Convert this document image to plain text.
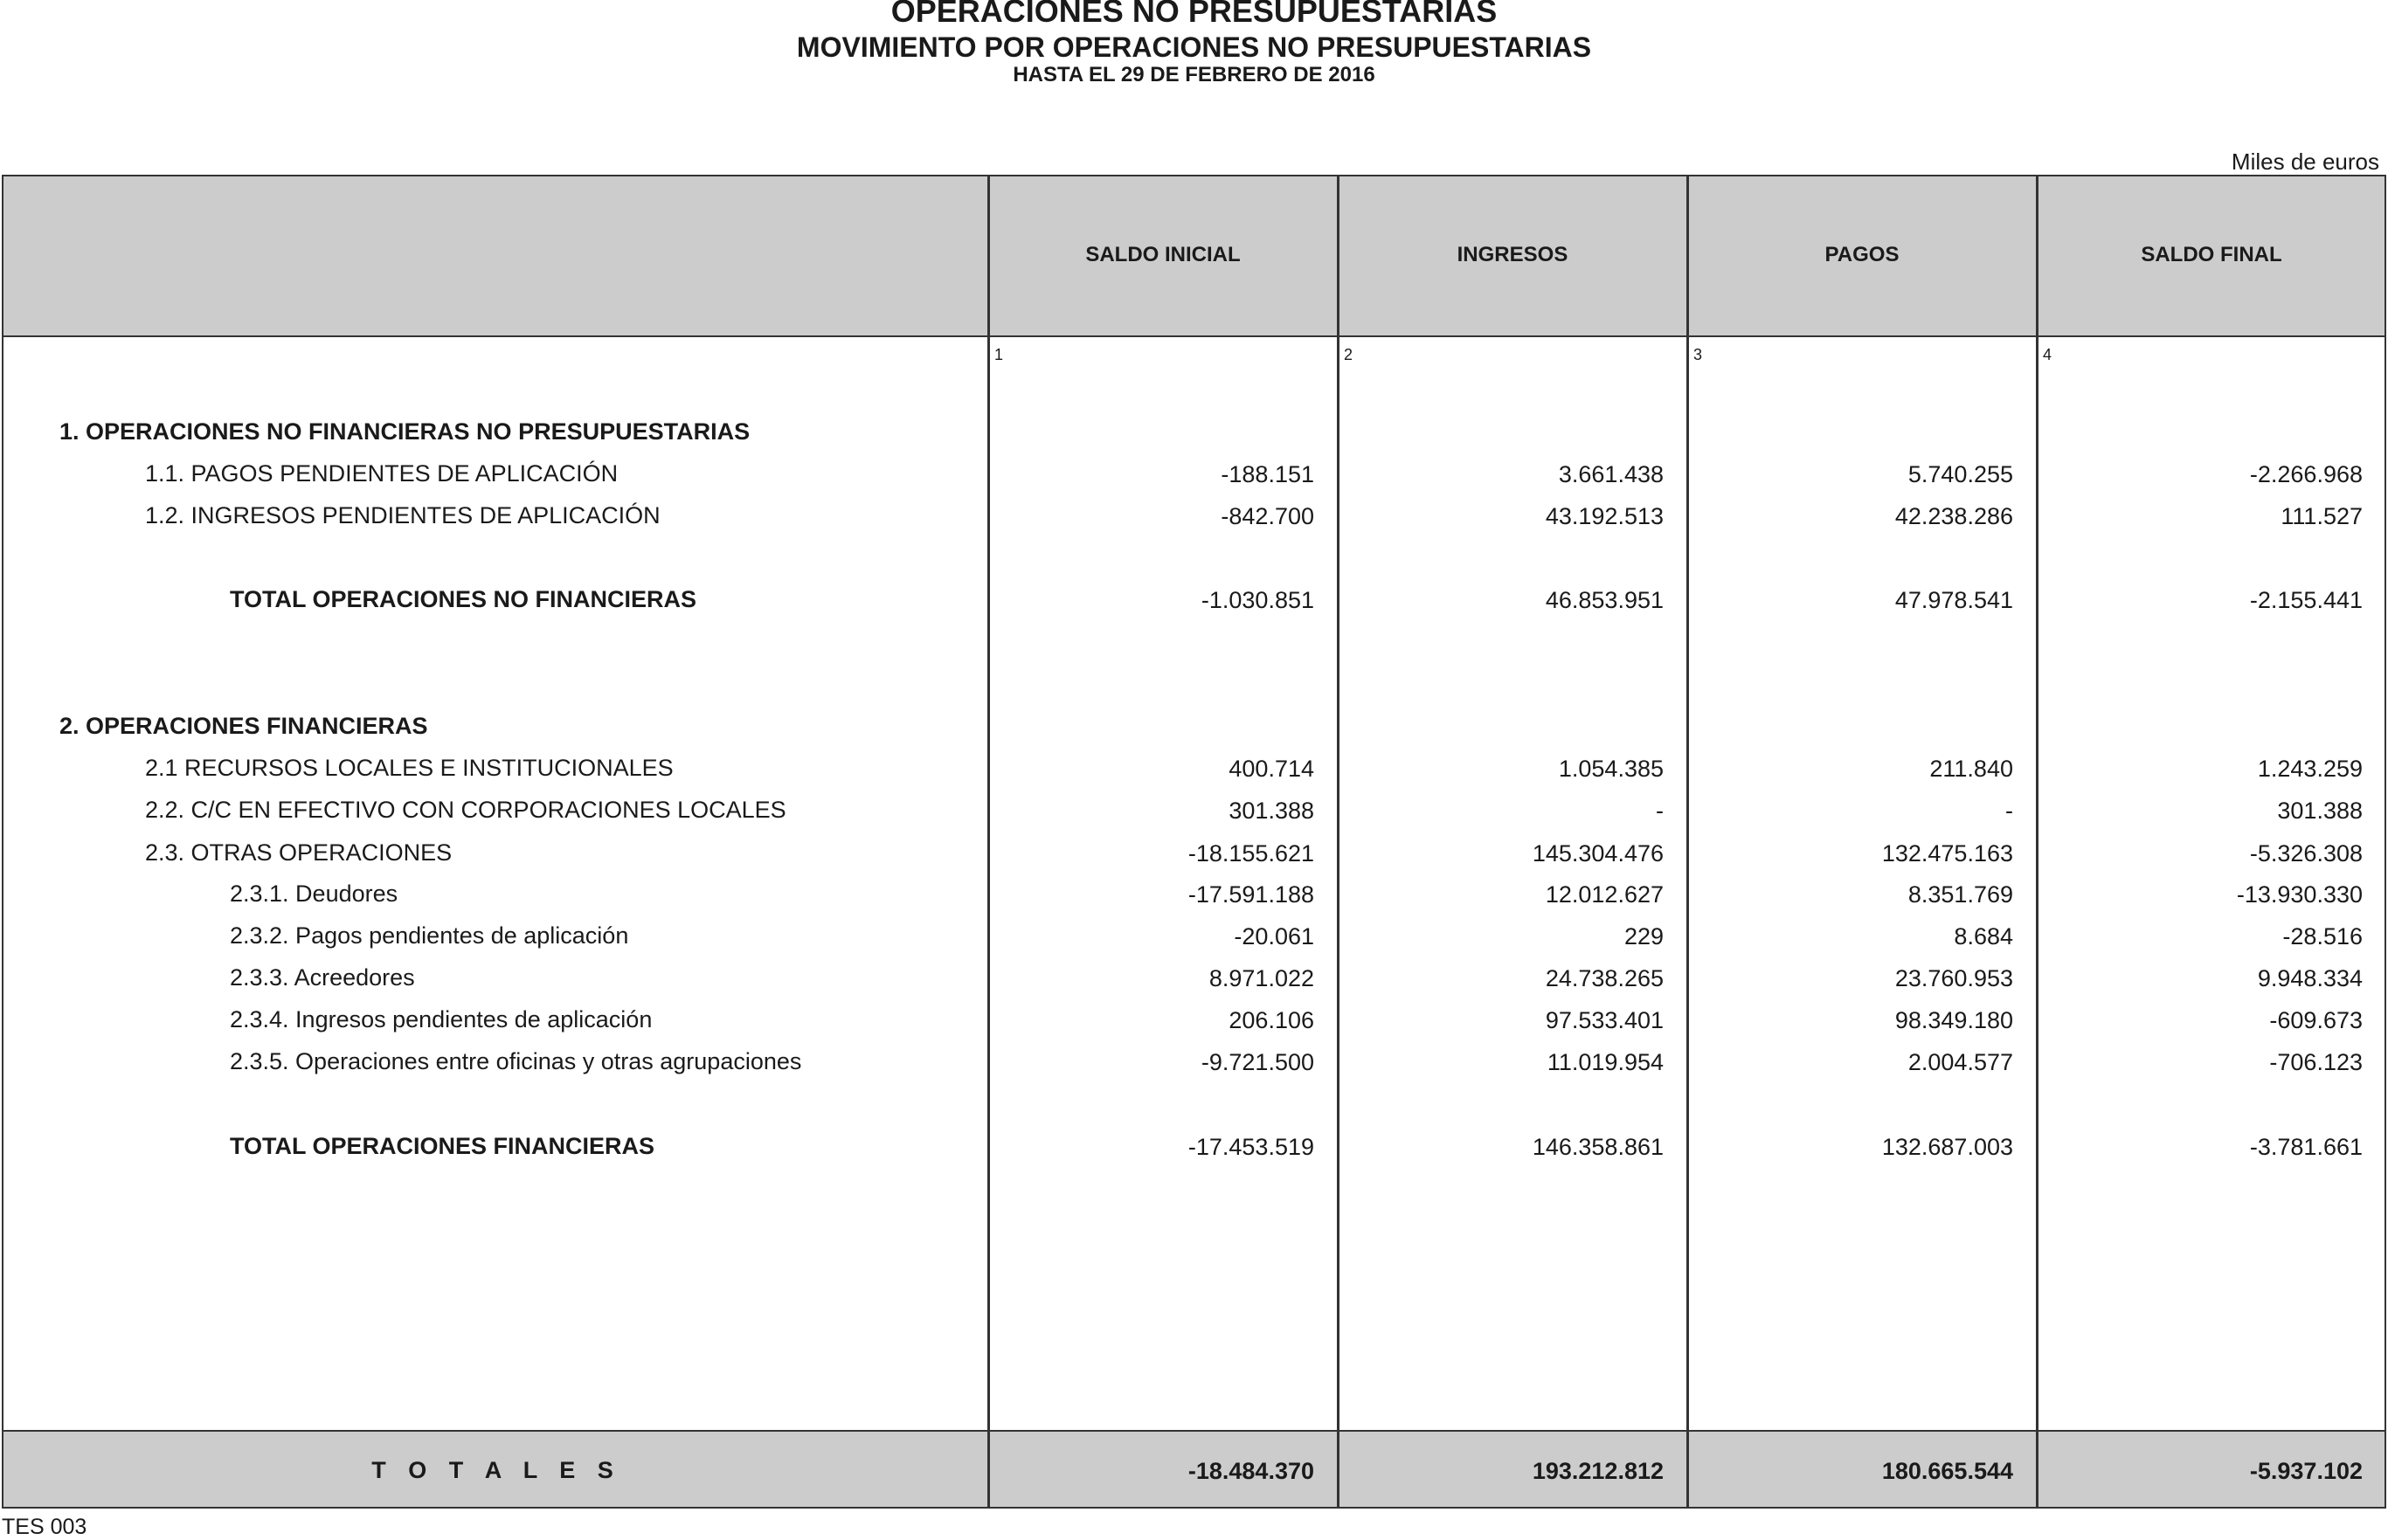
OPERACIONES NO PRESUPUESTARIAS
MOVIMIENTO POR OPERACIONES NO PRESUPUESTARIAS
HASTA EL 29 DE FEBRERO DE 2016
Miles de euros
SALDO INICIAL	INGRESOS	PAGOS	SALDO FINAL
1	2	3	4
1. OPERACIONES NO FINANCIERAS NO PRESUPUESTARIAS
1.1. PAGOS PENDIENTES DE APLICACIÓN	-188.151	3.661.438	5.740.255	-2.266.968
1.2. INGRESOS PENDIENTES DE APLICACIÓN	-842.700	43.192.513	42.238.286	111.527
TOTAL OPERACIONES NO FINANCIERAS	-1.030.851	46.853.951	47.978.541	-2.155.441
2. OPERACIONES FINANCIERAS
2.1 RECURSOS LOCALES E INSTITUCIONALES	400.714	1.054.385	211.840	1.243.259
2.2. C/C EN EFECTIVO CON CORPORACIONES LOCALES	301.388	-	-	301.388
2.3. OTRAS OPERACIONES	-18.155.621	145.304.476	132.475.163	-5.326.308
2.3.1. Deudores	-17.591.188	12.012.627	8.351.769	-13.930.330
2.3.2. Pagos pendientes de aplicación	-20.061	229	8.684	-28.516
2.3.3. Acreedores	8.971.022	24.738.265	23.760.953	9.948.334
2.3.4. Ingresos pendientes de aplicación	206.106	97.533.401	98.349.180	-609.673
2.3.5. Operaciones entre oficinas y otras agrupaciones	-9.721.500	11.019.954	2.004.577	-706.123
TOTAL OPERACIONES FINANCIERAS	-17.453.519	146.358.861	132.687.003	-3.781.661
T O T A L E S	-18.484.370	193.212.812	180.665.544	-5.937.102
TES 003
